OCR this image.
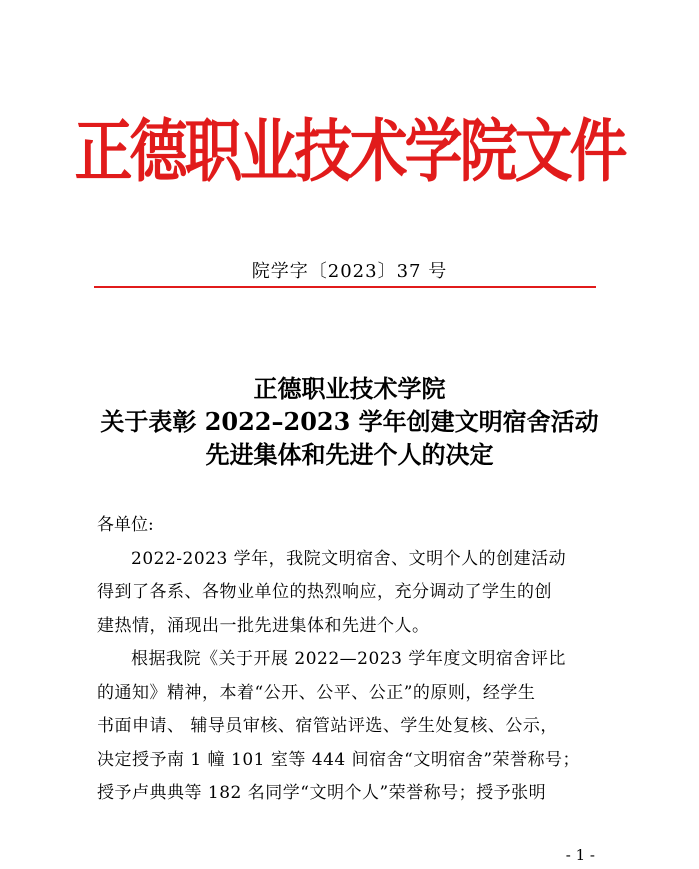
正德职业技术学院文件
院学字〔2023〕37 号
正德职业技术学院
关于表彰 2022–2023 学年创建文明宿舍活动
先进集体和先进个人的决定
各单位:
2022-2023 学年，我院文明宿舍、文明个人的创建活动
得到了各系、各物业单位的热烈响应，充分调动了学生的创
建热情，涌现出一批先进集体和先进个人。
根据我院《关于开展 2022—2023 学年度文明宿舍评比
的通知》精神，本着“公开、公平、公正”的原则，经学生
书面申请、 辅导员审核、宿管站评选、学生处复核、公示，
决定授予南 1 幢 101 室等 444 间宿舍“文明宿舍”荣誉称号；
授予卢典典等 182 名同学“文明个人”荣誉称号；授予张明
- 1 -
